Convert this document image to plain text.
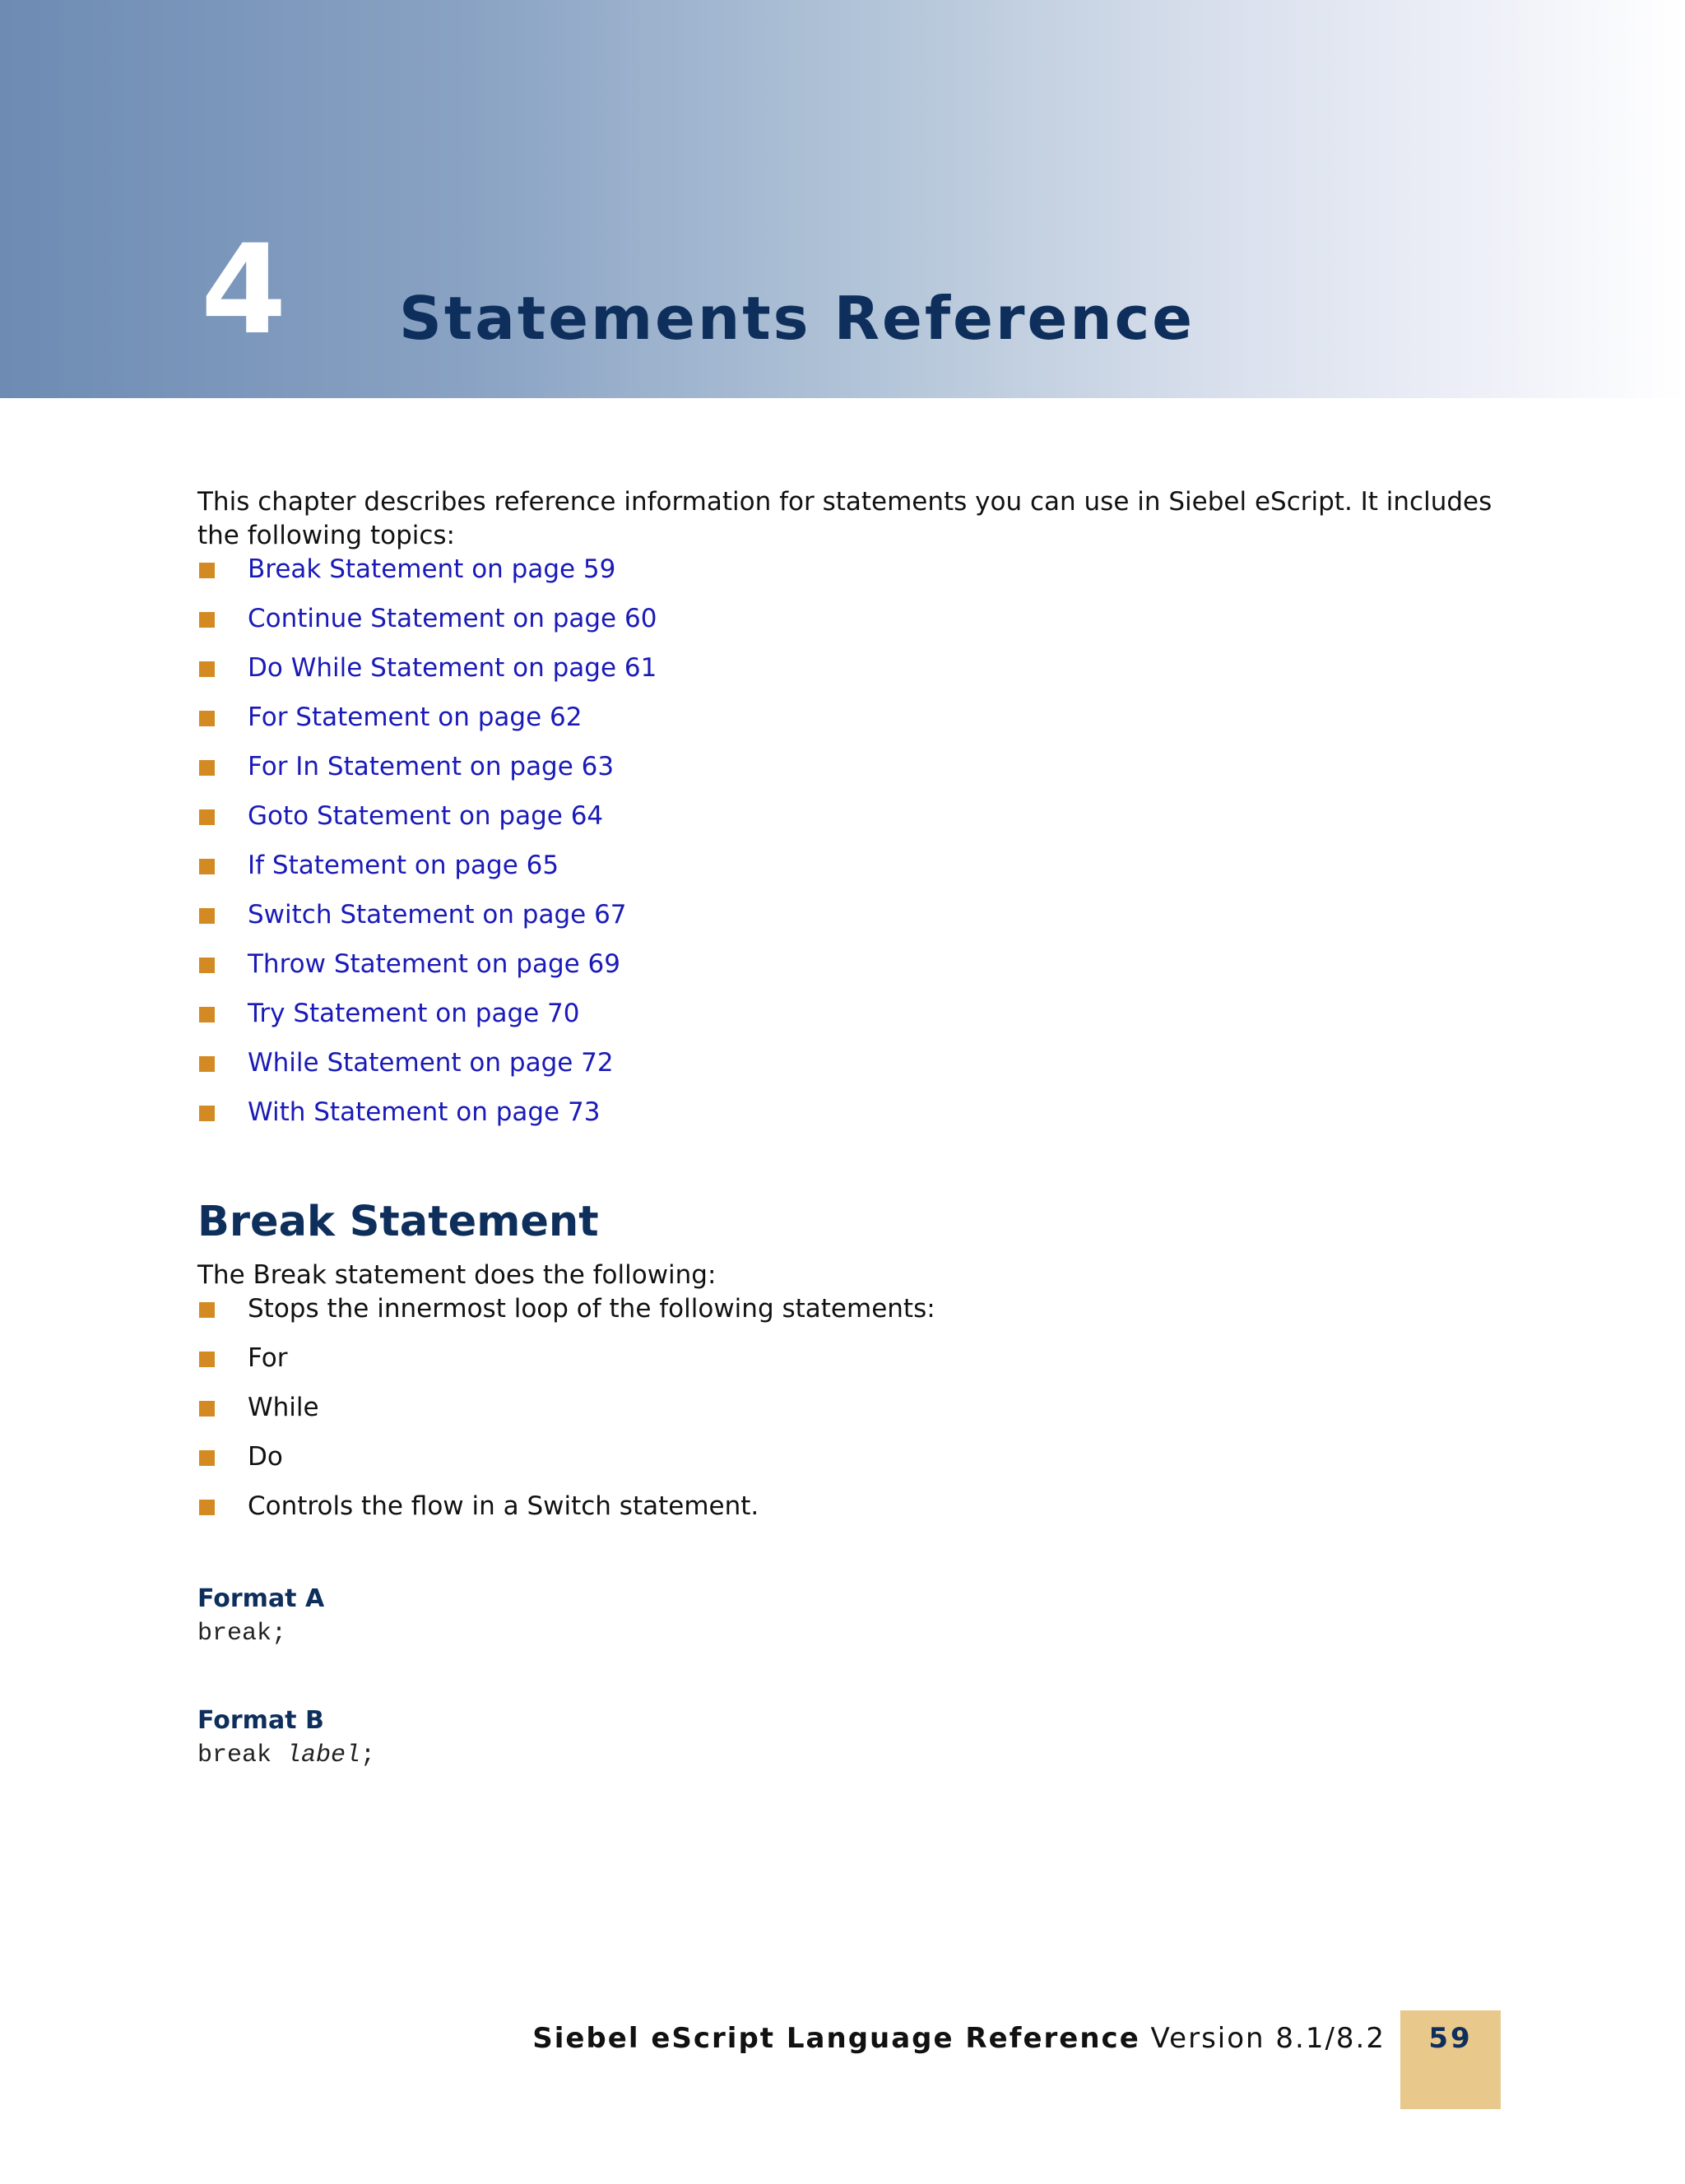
4 Statements Reference

This chapter describes reference information for statements you can use in Siebel eScript. It includes the following topics:

Break Statement on page 59
Continue Statement on page 60
Do While Statement on page 61
For Statement on page 62
For In Statement on page 63
Goto Statement on page 64
If Statement on page 65
Switch Statement on page 67
Throw Statement on page 69
Try Statement on page 70
While Statement on page 72
With Statement on page 73
Break Statement

The Break statement does the following:

Stops the innermost loop of the following statements:
For
While
Do
Controls the flow in a Switch statement.
Format A
break;
Format B
break label;
Siebel eScript Language Reference Version 8.1/8.2	59
